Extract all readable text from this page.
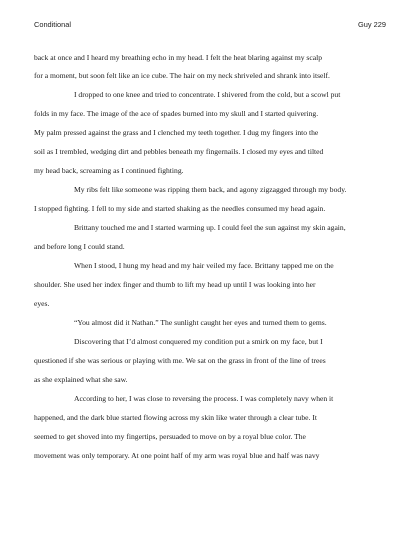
Conditional	Guy 229

back at once and I heard my breathing echo in my head. I felt the heat blaring against my scalp
for a moment, but soon felt like an ice cube. The hair on my neck shriveled and shrank into itself.

I dropped to one knee and tried to concentrate. I shivered from the cold, but a scowl put
folds in my face. The image of the ace of spades burned into my skull and I started quivering.
My palm pressed against the grass and I clenched my teeth together. I dug my fingers into the
soil as I trembled, wedging dirt and pebbles beneath my fingernails. I closed my eyes and tilted
my head back, screaming as I continued fighting.

My ribs felt like someone was ripping them back, and agony zigzagged through my body.
I stopped fighting. I fell to my side and started shaking as the needles consumed my head again.

Brittany touched me and I started warming up. I could feel the sun against my skin again,
and before long I could stand.

When I stood, I hung my head and my hair veiled my face. Brittany tapped me on the
shoulder. She used her index finger and thumb to lift my head up until I was looking into her
eyes.

“You almost did it Nathan.” The sunlight caught her eyes and turned them to gems.

Discovering that I’d almost conquered my condition put a smirk on my face, but I
questioned if she was serious or playing with me. We sat on the grass in front of the line of trees
as she explained what she saw.

According to her, I was close to reversing the process. I was completely navy when it
happened, and the dark blue started flowing across my skin like water through a clear tube. It
seemed to get shoved into my fingertips, persuaded to move on by a royal blue color. The
movement was only temporary. At one point half of my arm was royal blue and half was navy
